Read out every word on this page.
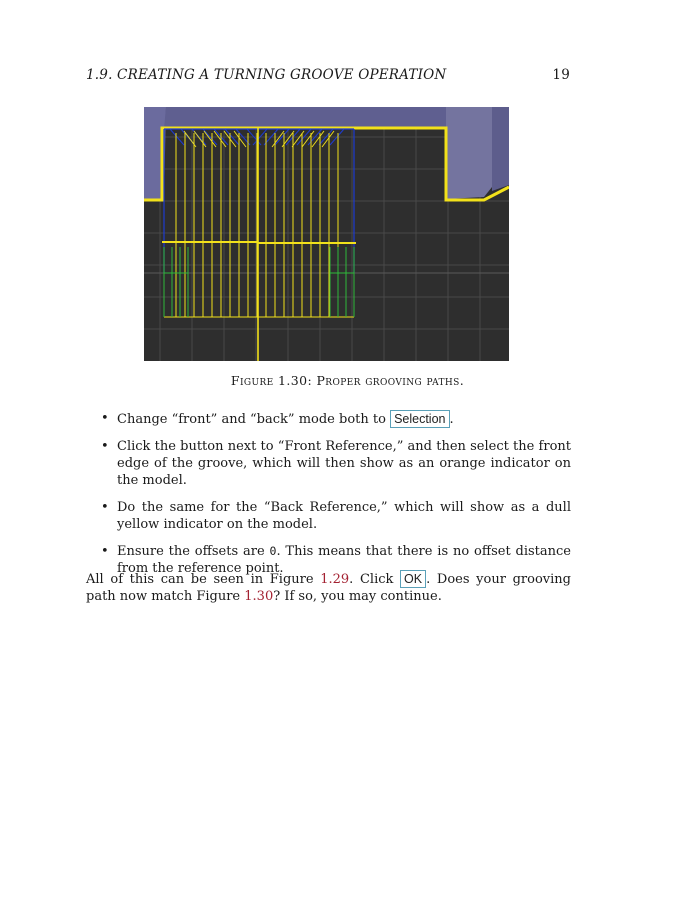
1.9. CREATING A TURNING GROOVE OPERATION	19
Figure 1.30: Proper grooving paths.
• Change “front” and “back” mode both to Selection .
• Click the button next to “Front Reference,” and then select the front edge of the groove, which will then show as an orange indicator on the model.
• Do the same for the “Back Reference,” which will show as a dull yellow indicator on the model.
• Ensure the offsets are 0. This means that there is no offset distance from the reference point.
All of this can be seen in Figure 1.29. Click OK . Does your grooving path now match Figure 1.30? If so, you may continue.
